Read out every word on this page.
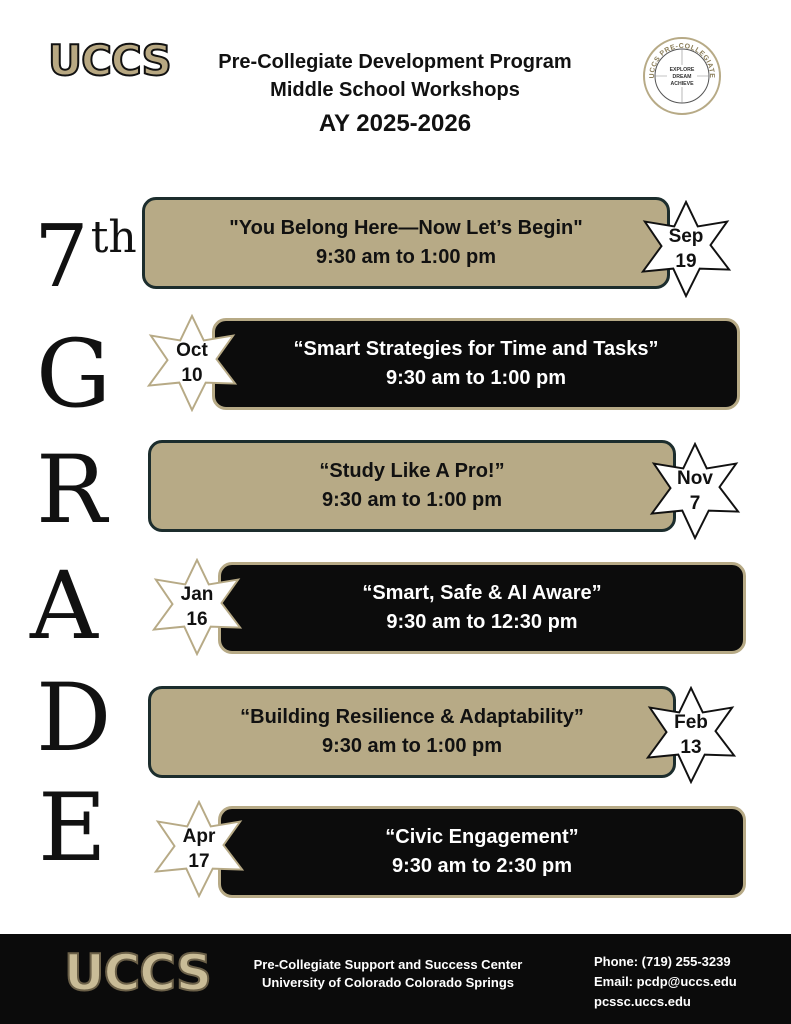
UCCS	Pre-Collegiate Development Program
Middle School Workshops
AY 2025-2026
UCCS PRE-COLLEGIATE
EXPLORE
DREAM
ACHIEVE
7th
G
R
A
D
E
"You Belong Here—Now Let’s Begin"
9:30 am to 1:00 pm
Sep
19
“Smart Strategies for Time and Tasks”
9:30 am to 1:00 pm
Oct
10
“Study Like A Pro!”
9:30 am to 1:00 pm
Nov
7
“Smart, Safe & AI Aware”
9:30 am to 12:30 pm
Jan
16
“Building Resilience & Adaptability”
9:30 am to 1:00 pm
Feb
13
“Civic Engagement”
9:30 am to 2:30 pm
Apr
17
UCCS	Pre-Collegiate Support and Success Center
University of Colorado Colorado Springs
Phone: (719) 255-3239
Email: pcdp@uccs.edu
pcssc.uccs.edu
